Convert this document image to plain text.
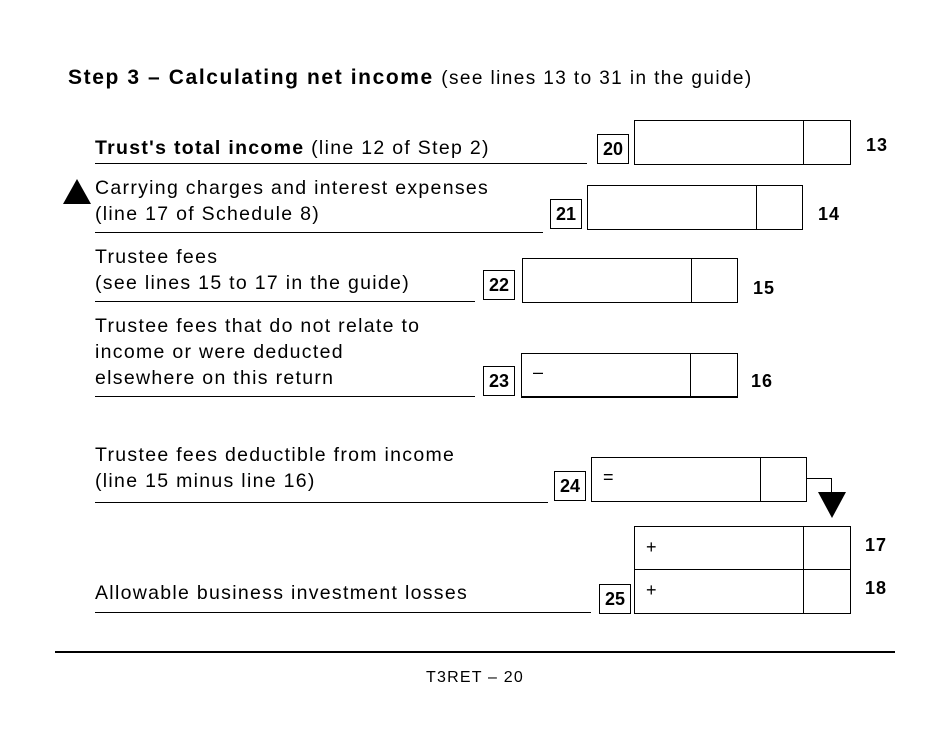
Step 3 – Calculating net income (see lines 13 to 31 in the guide)
Trust's total income (line 12 of Step 2)	20	13
Carrying charges and interest expenses
(line 17 of Schedule 8)	21	14
Trustee fees
(see lines 15 to 17 in the guide)	22	15
Trustee fees that do not relate to
income or were deducted
elsewhere on this return	23	–	16
Trustee fees deductible from income
(line 15 minus line 16)	24	=
+	17
Allowable business investment losses	25	+	18
T3RET – 20
